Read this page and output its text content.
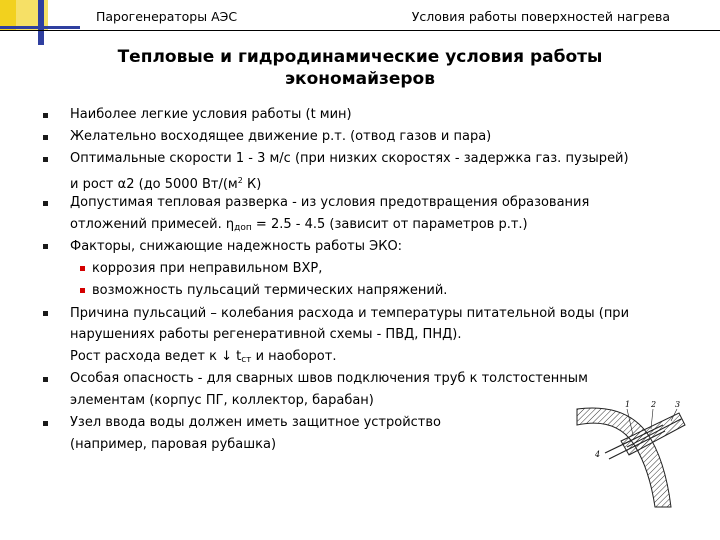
Парогенераторы АЭС	Условия работы поверхностей нагрева
Тепловые и гидродинамические условия работы
экономайзеров
Наиболее легкие условия работы (t мин)
Желательно восходящее движение р.т. (отвод газов и пара)
Оптимальные скорости 1 - 3 м/с (при низких скоростях - задержка газ. пузырей)
и рост α2 (до 5000 $Вт/(м^2$ К)
Допустимая тепловая разверка - из условия предотвращения образования
отложений примесей. $\eta_{доп} = 2.5 - 4.5$ (зависит от параметров р.т.)
Факторы, снижающие надежность работы ЭКО:
коррозия при неправильном ВХР,
возможность пульсаций термических напряжений.
Причина пульсаций – колебания расхода и температуры питательной воды (при
нарушениях работы регенеративной схемы - ПВД, ПНД).
Рост расхода ведет к ↓ $t_{ст}$ и наоборот.
Особая опасность - для сварных швов подключения труб к толстостенным
элементам (корпус ПГ, коллектор, барабан)
Узел ввода воды должен иметь защитное устройство
(например, паровая рубашка)
1	2 3
4
